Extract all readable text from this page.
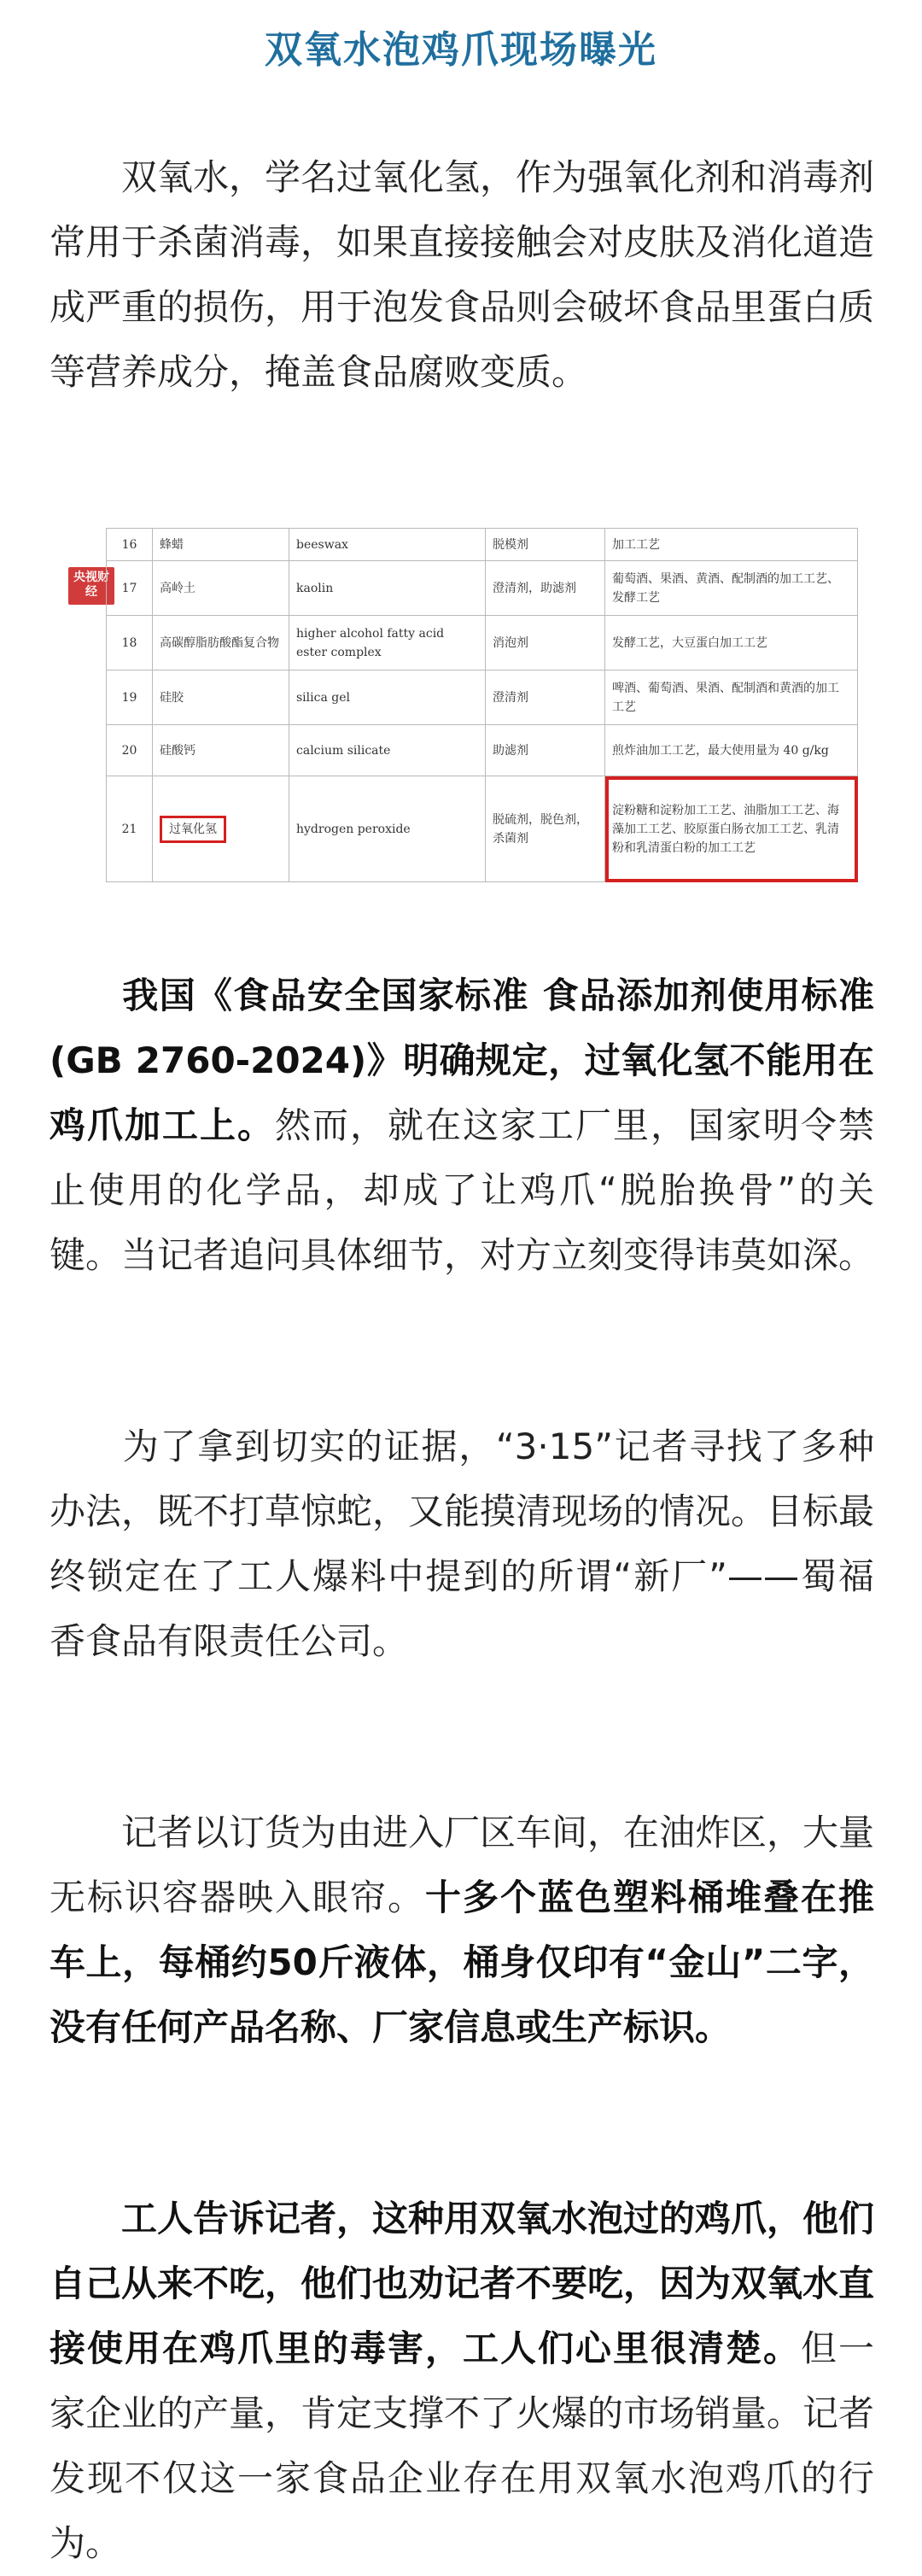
双氧水泡鸡爪现场曝光

双氧水，学名过氧化氢，作为强氧化剂和消毒剂常用于杀菌消毒，如果直接接触会对皮肤及消化道造成严重的损伤，用于泡发食品则会破坏食品里蛋白质等营养成分，掩盖食品腐败变质。

央视财经
16	蜂蜡	beeswax	脱模剂	加工工艺
17	高岭土	kaolin	澄清剂，助滤剂	葡萄酒、果酒、黄酒、配制酒的加工工艺、发酵工艺
18	高碳醇脂肪酸酯复合物	higher alcohol fatty acid ester complex	消泡剂	发酵工艺，大豆蛋白加工工艺
19	硅胶	silica gel	澄清剂	啤酒、葡萄酒、果酒、配制酒和黄酒的加工工艺
20	硅酸钙	calcium silicate	助滤剂	煎炸油加工工艺，最大使用量为 40 g/kg
21	过氧化氢	hydrogen peroxide	脱硫剂，脱色剂，杀菌剂	淀粉糖和淀粉加工工艺、油脂加工工艺、海藻加工工艺、胶原蛋白肠衣加工工艺、乳清粉和乳清蛋白粉的加工工艺

我国《食品安全国家标准 食品添加剂使用标准(GB 2760-2024)》明确规定，过氧化氢不能用在鸡爪加工上。然而，就在这家工厂里，国家明令禁止使用的化学品，却成了让鸡爪“脱胎换骨”的关键。当记者追问具体细节，对方立刻变得讳莫如深。

为了拿到切实的证据，“3·15”记者寻找了多种办法，既不打草惊蛇，又能摸清现场的情况。目标最终锁定在了工人爆料中提到的所谓“新厂”——蜀福香食品有限责任公司。

记者以订货为由进入厂区车间，在油炸区，大量无标识容器映入眼帘。十多个蓝色塑料桶堆叠在推车上，每桶约50斤液体，桶身仅印有“金山”二字，没有任何产品名称、厂家信息或生产标识。

工人告诉记者，这种用双氧水泡过的鸡爪，他们自己从来不吃，他们也劝记者不要吃，因为双氧水直接使用在鸡爪里的毒害，工人们心里很清楚。但一家企业的产量，肯定支撑不了火爆的市场销量。记者发现不仅这一家食品企业存在用双氧水泡鸡爪的行为。
